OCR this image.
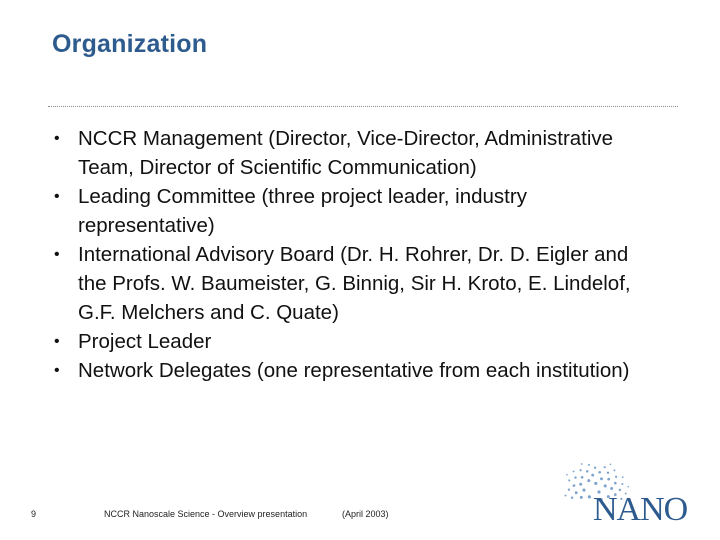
Organization
• NCCR Management (Director, Vice-Director, Administrative Team, Director of Scientific Communication)
• Leading Committee (three project leader, industry representative)
• International Advisory Board (Dr. H. Rohrer, Dr. D. Eigler and the Profs. W. Baumeister, G. Binnig, Sir H. Kroto, E. Lindelof, G.F. Melchers and C. Quate)
• Project Leader
• Network Delegates (one representative from each institution)
9	NCCR Nanoscale Science - Overview presentation	(April 2003)	NANO
